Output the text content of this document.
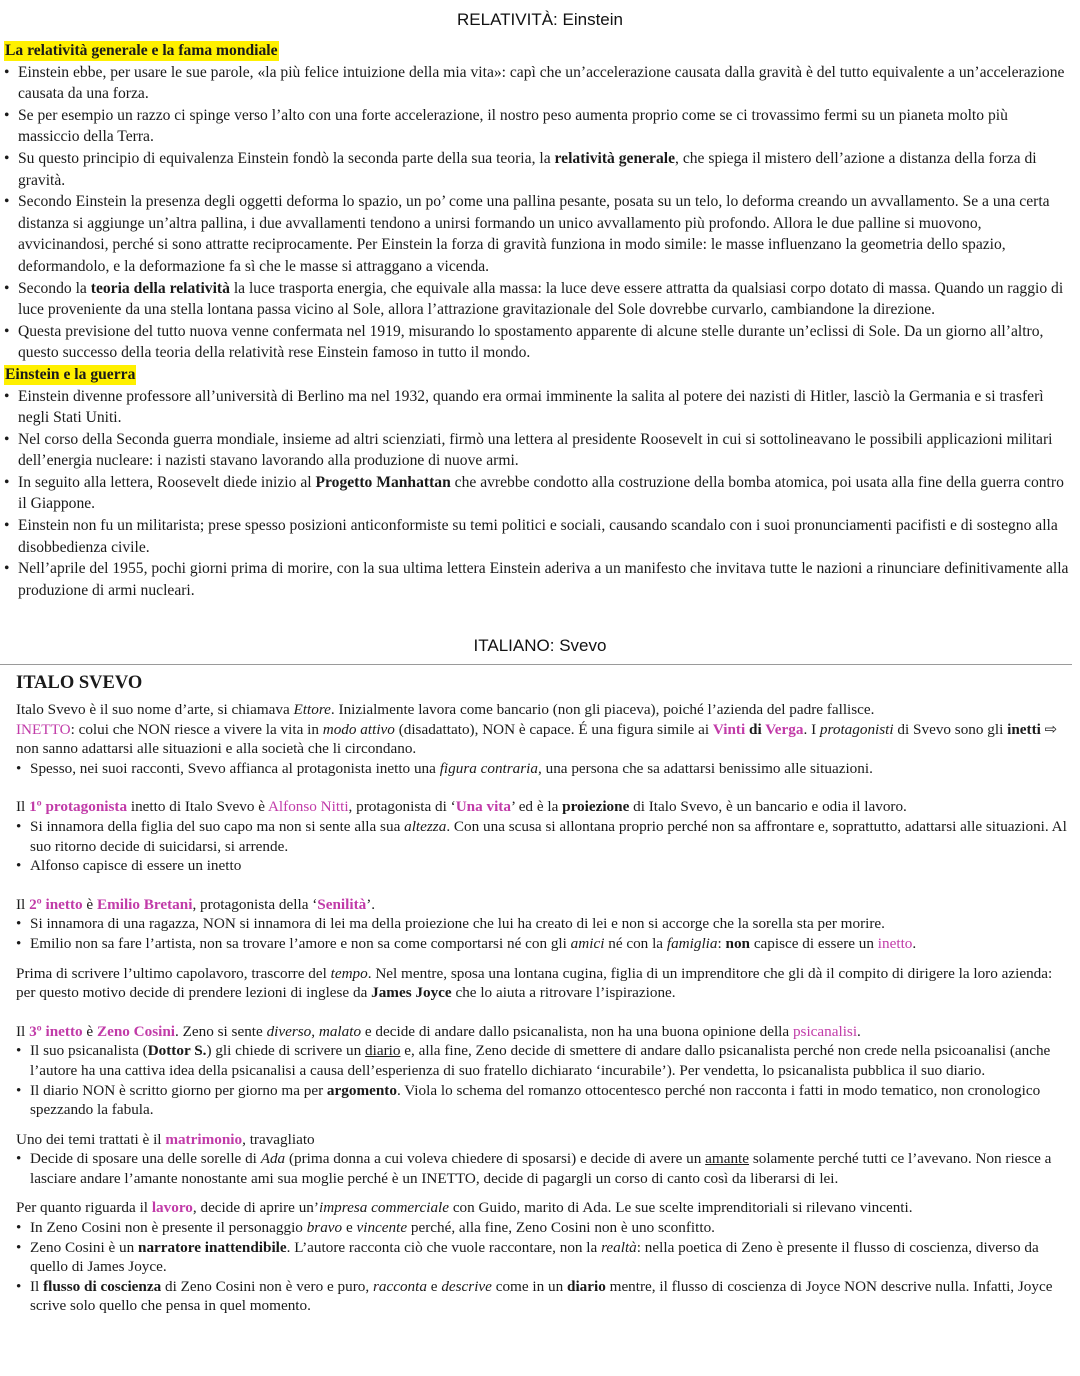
RELATIVITÀ: Einstein
La relatività generale e la fama mondiale
• Einstein ebbe, per usare le sue parole, «la più felice intuizione della mia vita»: capì che un’accelerazione causata dalla gravità è del tutto equivalente a un’accelerazione causata da una forza.
• Se per esempio un razzo ci spinge verso l’alto con una forte accelerazione, il nostro peso aumenta proprio come se ci trovassimo fermi su un pianeta molto più massiccio della Terra.
• Su questo principio di equivalenza Einstein fondò la seconda parte della sua teoria, la relatività generale, che spiega il mistero dell’azione a distanza della forza di gravità.
• Secondo Einstein la presenza degli oggetti deforma lo spazio, un po’ come una pallina pesante, posata su un telo, lo deforma creando un avvallamento. Se a una certa distanza si aggiunge un’altra pallina, i due avvallamenti tendono a unirsi formando un unico avvallamento più profondo. Allora le due palline si muovono, avvicinandosi, perché si sono attratte reciprocamente. Per Einstein la forza di gravità funziona in modo simile: le masse influenzano la geometria dello spazio, deformandolo, e la deformazione fa sì che le masse si attraggano a vicenda.
• Secondo la teoria della relatività la luce trasporta energia, che equivale alla massa: la luce deve essere attratta da qualsiasi corpo dotato di massa. Quando un raggio di luce proveniente da una stella lontana passa vicino al Sole, allora l’attrazione gravitazionale del Sole dovrebbe curvarlo, cambiandone la direzione.
• Questa previsione del tutto nuova venne confermata nel 1919, misurando lo spostamento apparente di alcune stelle durante un’eclissi di Sole. Da un giorno all’altro, questo successo della teoria della relatività rese Einstein famoso in tutto il mondo.
Einstein e la guerra
• Einstein divenne professore all’università di Berlino ma nel 1932, quando era ormai imminente la salita al potere dei nazisti di Hitler, lasciò la Germania e si trasferì negli Stati Uniti.
• Nel corso della Seconda guerra mondiale, insieme ad altri scienziati, firmò una lettera al presidente Roosevelt in cui si sottolineavano le possibili applicazioni militari dell’energia nucleare: i nazisti stavano lavorando alla produzione di nuove armi.
• In seguito alla lettera, Roosevelt diede inizio al Progetto Manhattan che avrebbe condotto alla costruzione della bomba atomica, poi usata alla fine della guerra contro il Giappone.
• Einstein non fu un militarista; prese spesso posizioni anticonformiste su temi politici e sociali, causando scandalo con i suoi pronunciamenti pacifisti e di sostegno alla disobbedienza civile.
• Nell’aprile del 1955, pochi giorni prima di morire, con la sua ultima lettera Einstein aderiva a un manifesto che invitava tutte le nazioni a rinunciare definitivamente alla produzione di armi nucleari.
ITALIANO: Svevo
ITALO SVEVO

Italo Svevo è il suo nome d’arte, si chiamava Ettore. Inizialmente lavora come bancario (non gli piaceva), poiché l’azienda del padre fallisce.

INETTO: colui che NON riesce a vivere la vita in modo attivo (disadattato), NON è capace. É una figura simile ai Vinti di Verga. I protagonisti di Svevo sono gli inetti ⇨ non sanno adattarsi alle situazioni e alla società che li circondano.

• Spesso, nei suoi racconti, Svevo affianca al protagonista inetto una figura contraria, una persona che sa adattarsi benissimo alle situazioni.

Il 1º protagonista inetto di Italo Svevo è Alfonso Nitti, protagonista di ‘Una vita’ ed è la proiezione di Italo Svevo, è un bancario e odia il lavoro.

• Si innamora della figlia del suo capo ma non si sente alla sua altezza. Con una scusa si allontana proprio perché non sa affrontare e, soprattutto, adattarsi alle situazioni. Al suo ritorno decide di suicidarsi, si arrende.
• Alfonso capisce di essere un inetto

Il 2º inetto è Emilio Bretani, protagonista della ‘Senilità’.

• Si innamora di una ragazza, NON si innamora di lei ma della proiezione che lui ha creato di lei e non si accorge che la sorella sta per morire.
• Emilio non sa fare l’artista, non sa trovare l’amore e non sa come comportarsi né con gli amici né con la famiglia: non capisce di essere un inetto.

Prima di scrivere l’ultimo capolavoro, trascorre del tempo. Nel mentre, sposa una lontana cugina, figlia di un imprenditore che gli dà il compito di dirigere la loro azienda: per questo motivo decide di prendere lezioni di inglese da James Joyce che lo aiuta a ritrovare l’ispirazione.

Il 3º inetto è Zeno Cosini. Zeno si sente diverso, malato e decide di andare dallo psicanalista, non ha una buona opinione della psicanalisi.

• Il suo psicanalista (Dottor S.) gli chiede di scrivere un diario e, alla fine, Zeno decide di smettere di andare dallo psicanalista perché non crede nella psicoanalisi (anche l’autore ha una cattiva idea della psicanalisi a causa dell’esperienza di suo fratello dichiarato ‘incurabile’). Per vendetta, lo psicanalista pubblica il suo diario.
• Il diario NON è scritto giorno per giorno ma per argomento. Viola lo schema del romanzo ottocentesco perché non racconta i fatti in modo tematico, non cronologico spezzando la fabula.

Uno dei temi trattati è il matrimonio, travagliato

• Decide di sposare una delle sorelle di Ada (prima donna a cui voleva chiedere di sposarsi) e decide di avere un amante solamente perché tutti ce l’avevano. Non riesce a lasciare andare l’amante nonostante ami sua moglie perché è un INETTO, decide di pagargli un corso di canto così da liberarsi di lei.

Per quanto riguarda il lavoro, decide di aprire un’impresa commerciale con Guido, marito di Ada. Le sue scelte imprenditoriali si rilevano vincenti.

• In Zeno Cosini non è presente il personaggio bravo e vincente perché, alla fine, Zeno Cosini non è uno sconfitto.
• Zeno Cosini è un narratore inattendibile. L’autore racconta ciò che vuole raccontare, non la realtà: nella poetica di Zeno è presente il flusso di coscienza, diverso da quello di James Joyce.
• Il flusso di coscienza di Zeno Cosini non è vero e puro, racconta e descrive come in un diario mentre, il flusso di coscienza di Joyce NON descrive nulla. Infatti, Joyce scrive solo quello che pensa in quel momento.
